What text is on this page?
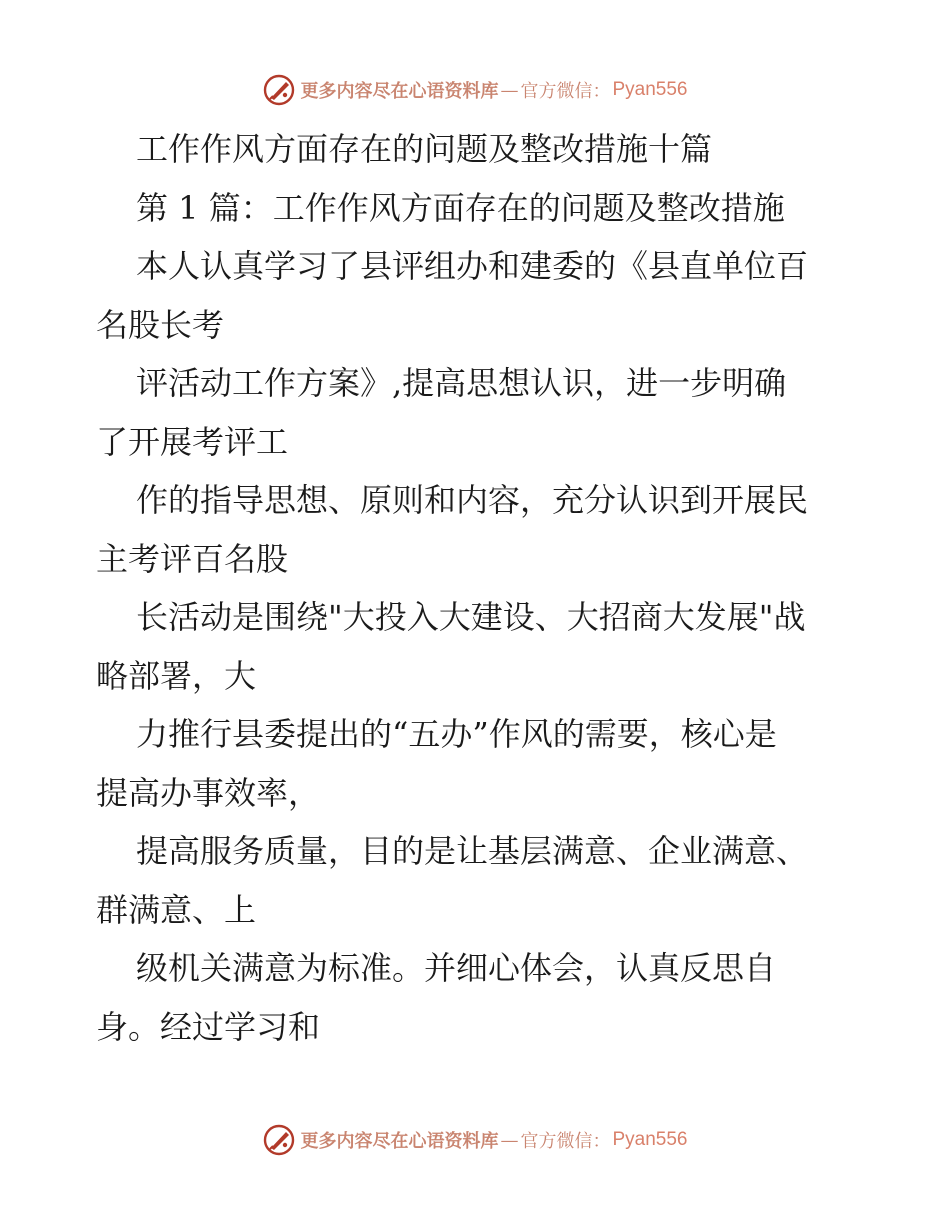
更多内容尽在心语资料库 — 官方微信： Pyan556
工作作风方面存在的问题及整改措施十篇
第 1 篇：工作作风方面存在的问题及整改措施
本人认真学习了县评组办和建委的《县直单位百
名股长考
评活动工作方案》,提高思想认识，进一步明确
了开展考评工
作的指导思想、原则和内容，充分认识到开展民
主考评百名股
长活动是围绕"大投入大建设、大招商大发展"战
略部署，大
力推行县委提出的“五办”作风的需要，核心是
提高办事效率，
提高服务质量，目的是让基层满意、企业满意、
群满意、上
级机关满意为标准。并细心体会，认真反思自
身。经过学习和
更多内容尽在心语资料库 — 官方微信： Pyan556
